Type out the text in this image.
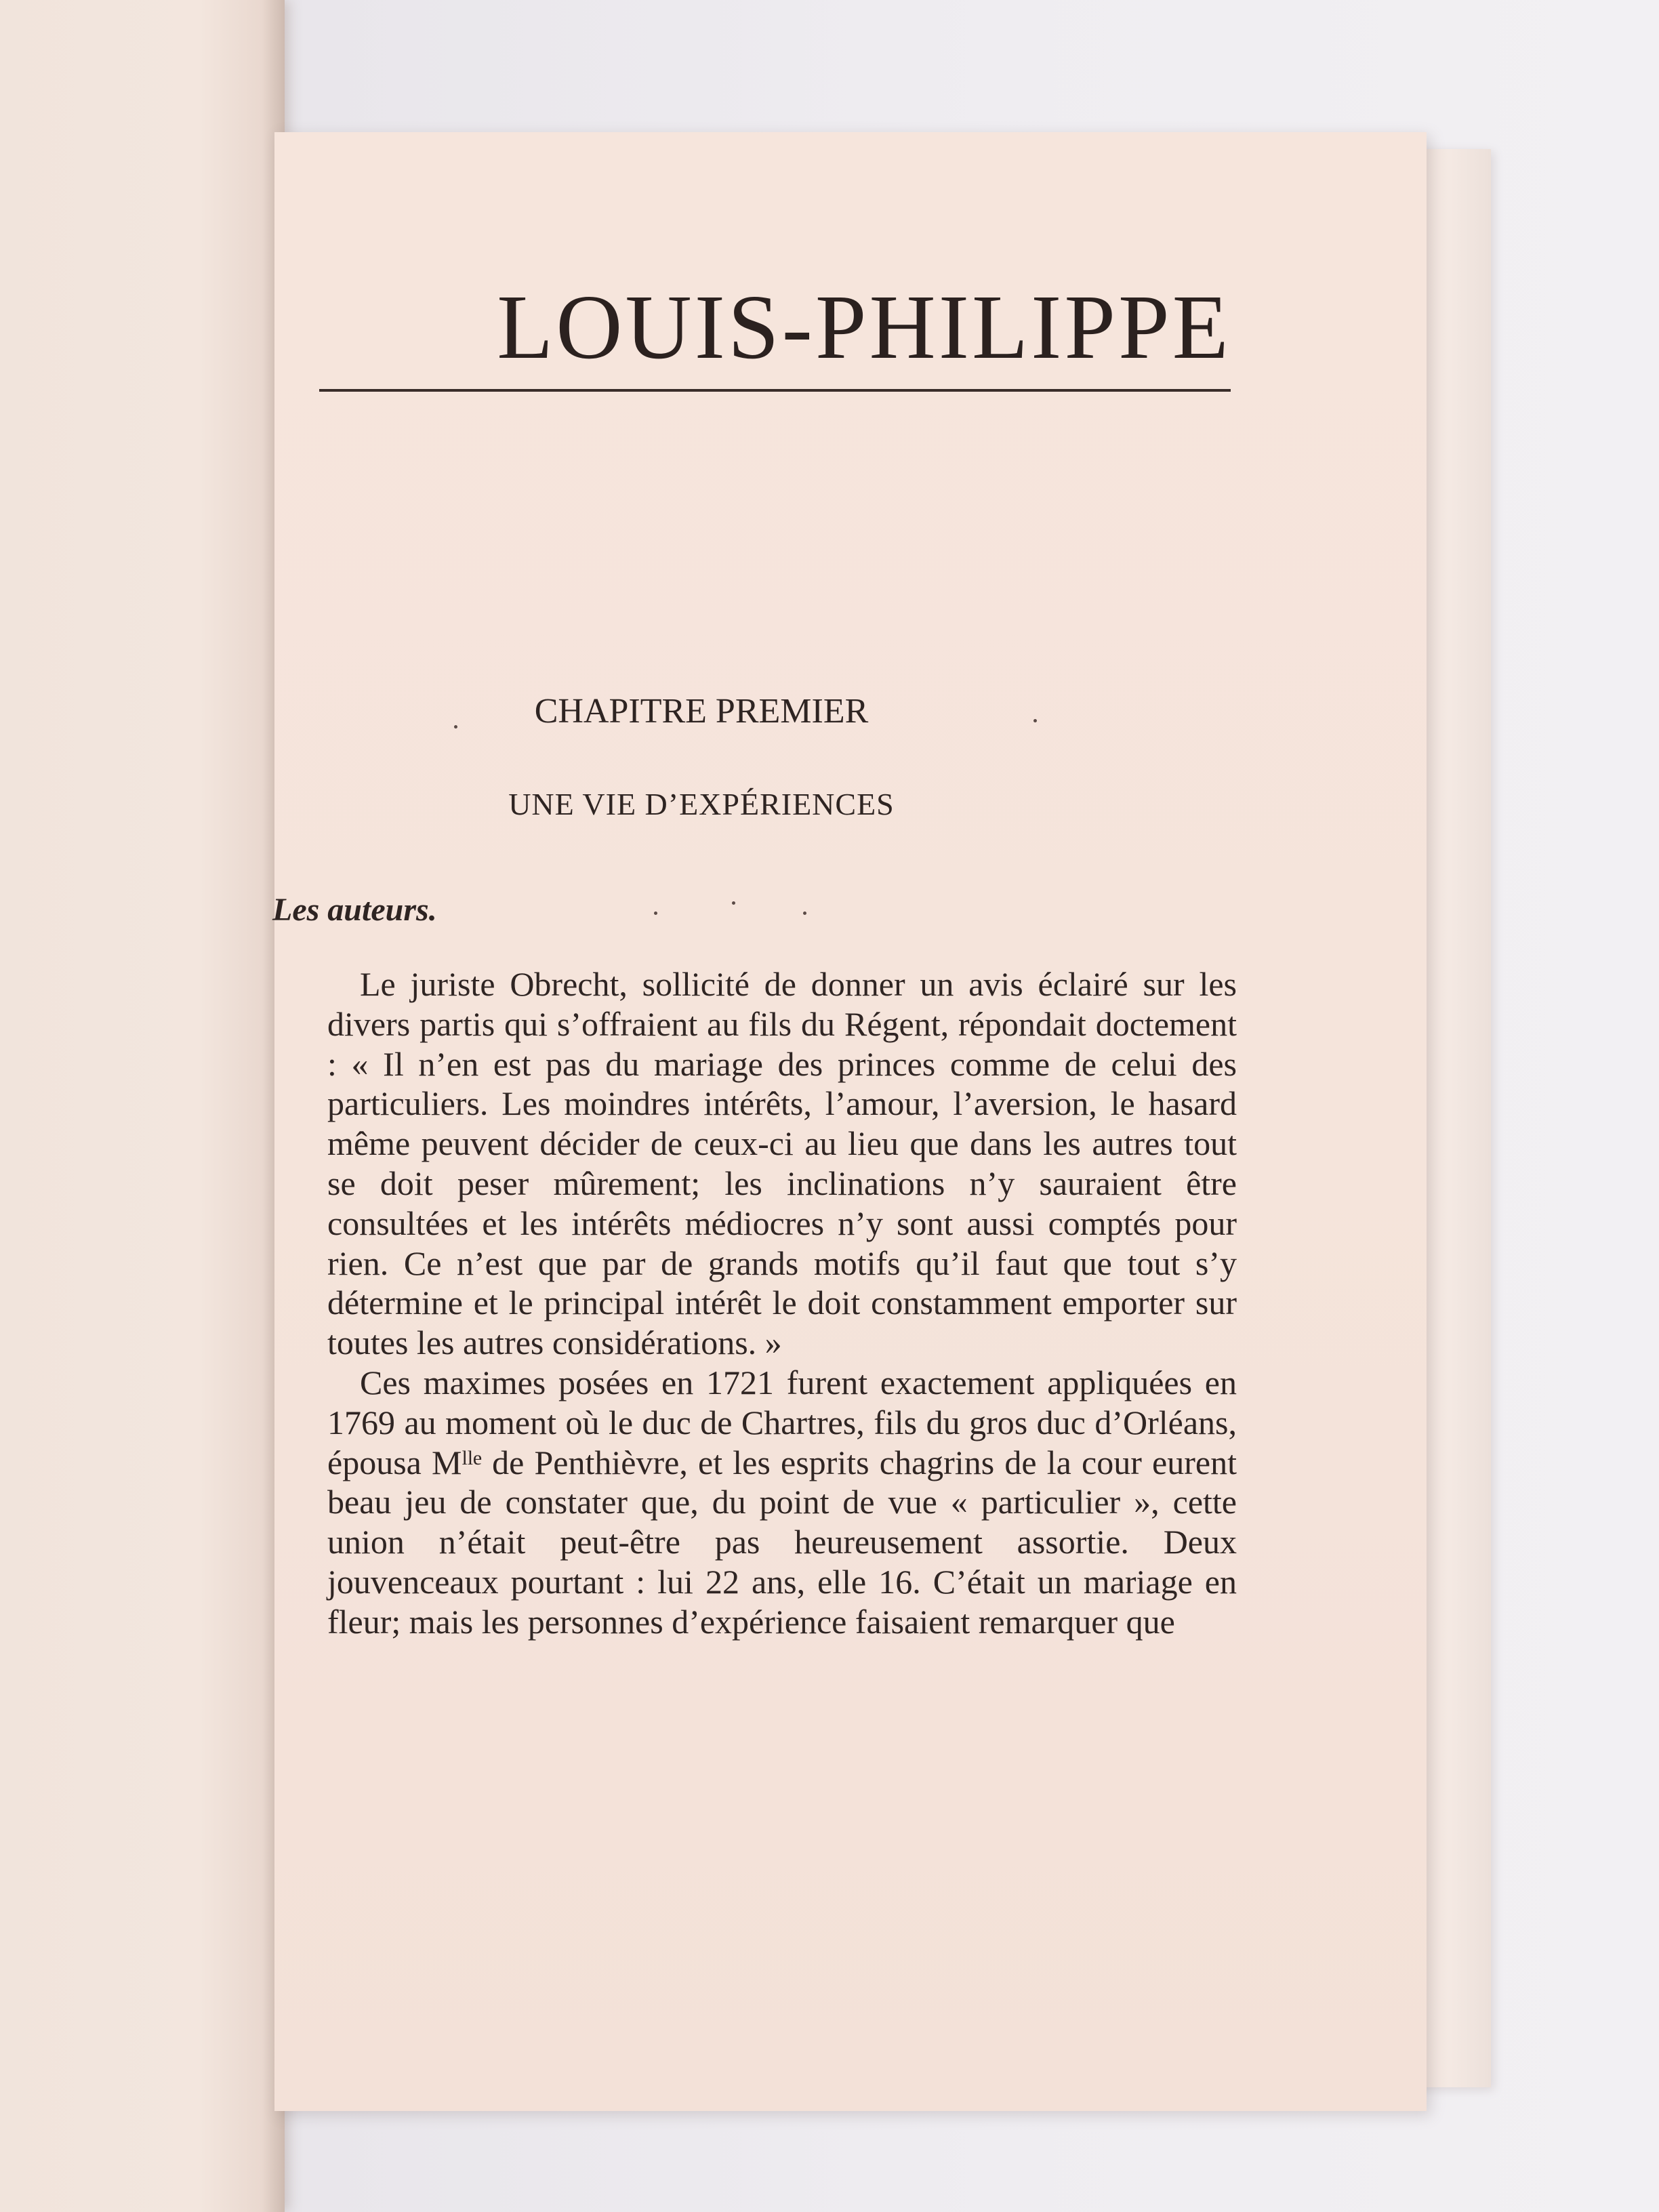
LOUIS-PHILIPPE
CHAPITRE PREMIER
UNE VIE D’EXPÉRIENCES
Les auteurs.

Le juriste Obrecht, sollicité de donner un avis éclairé sur les divers partis qui s’offraient au fils du Régent, répondait doctement : « Il n’en est pas du mariage des princes comme de celui des particuliers. Les moindres intérêts, l’amour, l’aversion, le hasard même peuvent décider de ceux-ci au lieu que dans les autres tout se doit peser mûrement; les inclinations n’y sauraient être consultées et les intérêts médiocres n’y sont aussi comptés pour rien. Ce n’est que par de grands motifs qu’il faut que tout s’y détermine et le principal intérêt le doit constamment emporter sur toutes les autres considérations. »

Ces maximes posées en 1721 furent exactement appliquées en 1769 au moment où le duc de Chartres, fils du gros duc d’Orléans, épousa Mˡˡᵉ de Penthièvre, et les esprits chagrins de la cour eurent beau jeu de constater que, du point de vue « particulier », cette union n’était peut-être pas heureusement assortie. Deux jouvenceaux pourtant : lui 22 ans, elle 16. C’était un mariage en fleur; mais les personnes d’expérience faisaient remarquer que
